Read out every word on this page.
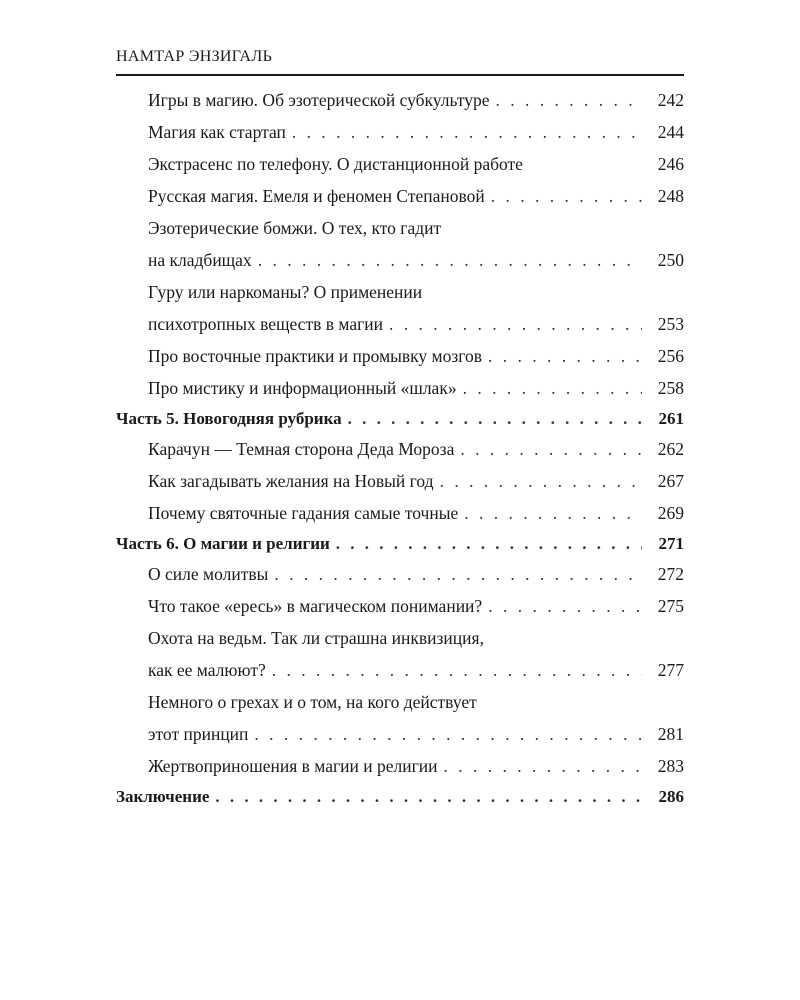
НАМТАР ЭНЗИГАЛЬ
Игры в магию. Об эзотерической субкультуре . . .	242
Магия как стартап . . .	244
Экстрасенс по телефону. О дистанционной работе	246
Русская магия. Емеля и феномен Степановой . . .	248
Эзотерические бомжи. О тех, кто гадит
на кладбищах . . .	250
Гуру или наркоманы? О применении
психотропных веществ в магии . . .	253
Про восточные практики и промывку мозгов . . .	256
Про мистику и информационный «шлак» . . .	258
Часть 5. Новогодняя рубрика . . .	261
Карачун — Темная сторона Деда Мороза . . .	262
Как загадывать желания на Новый год . . .	267
Почему святочные гадания самые точные . . .	269
Часть 6. О магии и религии . . .	271
О силе молитвы . . .	272
Что такое «ересь» в магическом понимании? . . .	275
Охота на ведьм. Так ли страшна инквизиция,
как ее малюют? . . .	277
Немного о грехах и о том, на кого действует
этот принцип . . .	281
Жертвоприношения в магии и религии . . .	283
Заключение . . .	286
